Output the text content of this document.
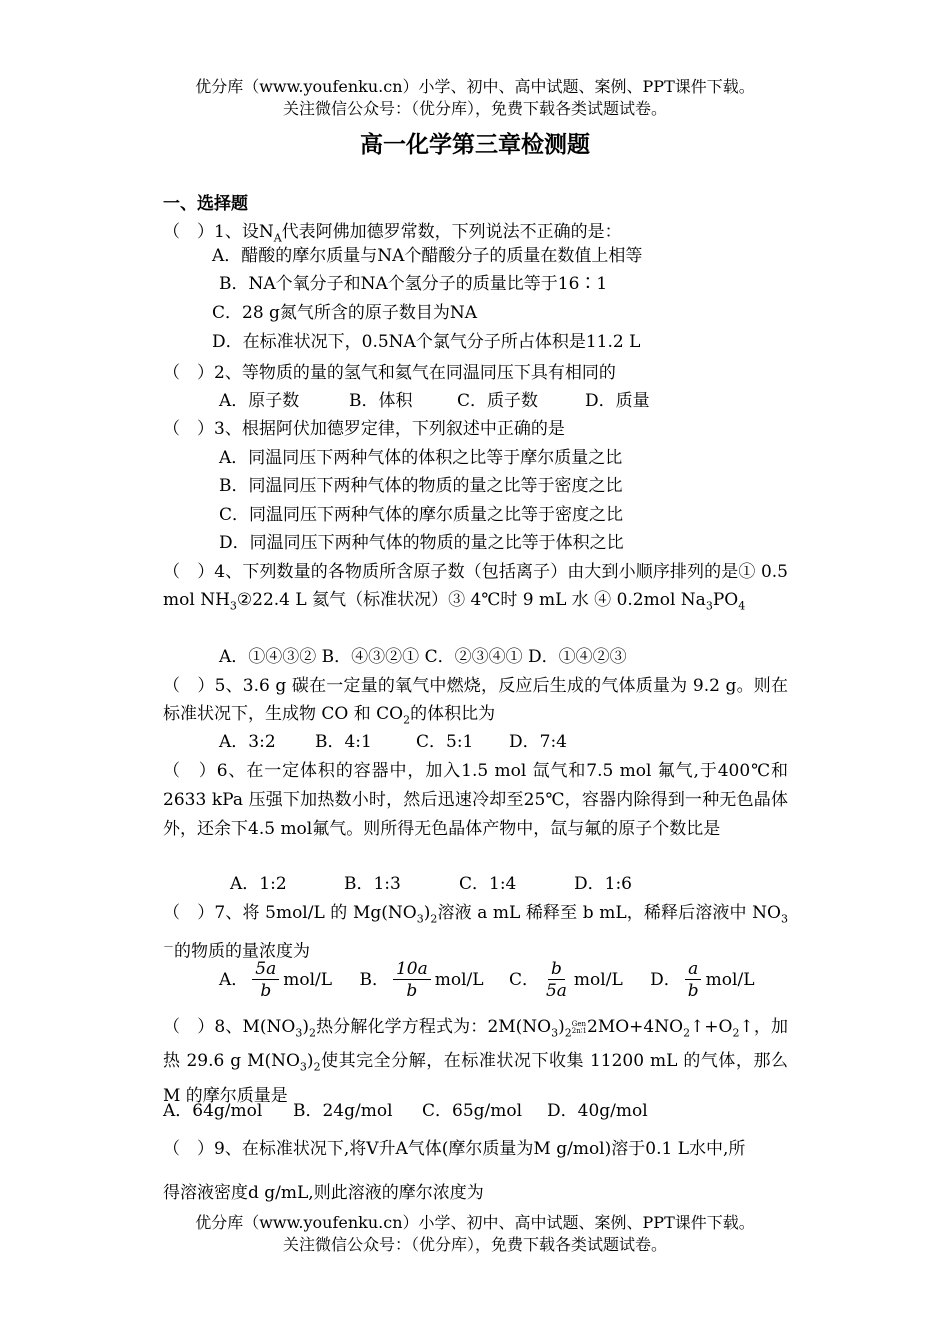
优分库（www.youfenku.cn）小学、初中、高中试题、案例、PPT课件下载。
关注微信公众号：（优分库），免费下载各类试题试卷。
高一化学第三章检测题
一、选择题
（　）1、设$N_A$代表阿佛加德罗常数，下列说法不正确的是：
A．醋酸的摩尔质量与NA个醋酸分子的质量在数值上相等
B．NA个氧分子和NA个氢分子的质量比等于16∶1
C．28 g氮气所含的原子数目为NA
D．在标准状况下，0.5NA个氯气分子所占体积是11.2 L
（　）2、等物质的量的氢气和氦气在同温同压下具有相同的
A．原子数	B．体积	C．质子数	D．质量
（　）3、根据阿伏加德罗定律，下列叙述中正确的是
A．同温同压下两种气体的体积之比等于摩尔质量之比
B．同温同压下两种气体的物质的量之比等于密度之比
C．同温同压下两种气体的摩尔质量之比等于密度之比
D．同温同压下两种气体的物质的量之比等于体积之比
（　）4、下列数量的各物质所含原子数（包括离子）由大到小顺序排列的是① 0.5 mol $NH_3②22.4$ L 氦气（标准状况）③ 4℃时 9 mL 水 ④ 0.2mol $Na_3PO_4$
A．①④③② B．④③②① C．②③④① D．①④②③
（　）5、3.6 g 碳在一定量的氧气中燃烧，反应后生成的气体质量为 9.2 g。则在标准状况下，生成物 CO 和 $CO_2$的体积比为
A．3:2 B．4:1	C．5:1 D．7:4
（　）6、在一定体积的容器中，加入1.5 mol 氙气和7.5 mol 氟气,于400℃和2633 kPa 压强下加热数小时，然后迅速冷却至25℃，容器内除得到一种无色晶体外，还余下4.5 mol氟气。则所得无色晶体产物中，氙与氟的原子个数比是
A．1:2	B．1:3	C．1:4	D．1:6
（　）7、将 5mol/L 的 $Mg(NO_3)_2$溶液 a mL 稀释至 b mL，稀释后溶液中 $NO_3^-$的物质的量浓度为
A． $\frac{5a}{b} mol/L$ B． $\frac{10a}{b} mol/L$ C． $\frac{b}{5a} mol/L$ D． $\frac{a}{b} mol/L$
（　）8、$M(NO_3)_2$热分解化学方程式为：$2M(NO_3)_2$
Gen
2n∶1 $2MO+4NO_2↑+O_2↑$，加热 29.6 g $M(NO_3)_2$使其完全分解，在标准状况下收集 11200 mL 的气体，那么 M 的摩尔质量是
A．64g/mol B．24g/mol C．65g/mol D．40g/mol
（　）9、在标准状况下,将V升A气体(摩尔质量为M g/mol)溶于0.1 L水中,所
得溶液密度d g/mL,则此溶液的摩尔浓度为
优分库（www.youfenku.cn）小学、初中、高中试题、案例、PPT课件下载。
关注微信公众号：（优分库），免费下载各类试题试卷。
